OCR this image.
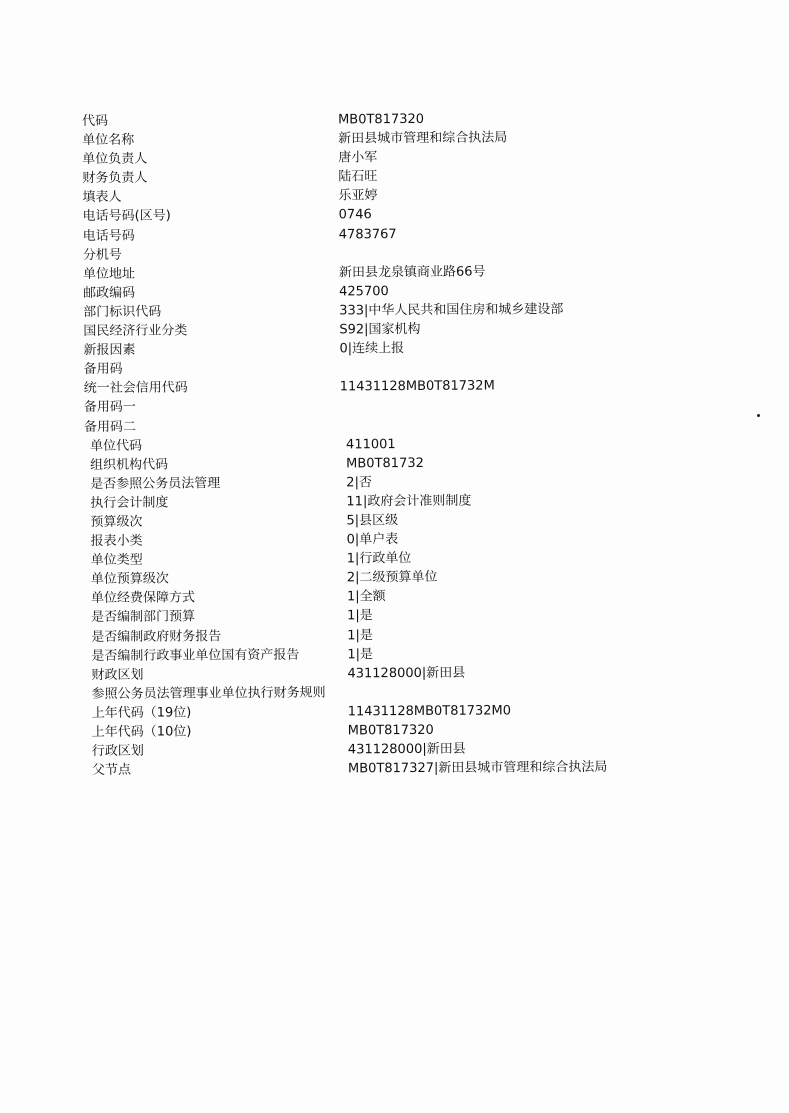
代码	MB0T817320
单位名称	新田县城市管理和综合执法局
单位负责人	唐小军
财务负责人	陆石旺
填表人	乐亚婷
电话号码(区号)	0746
电话号码	4783767
分机号
单位地址	新田县龙泉镇商业路66号
邮政编码	425700
部门标识代码	333|中华人民共和国住房和城乡建设部
国民经济行业分类	S92|国家机构
新报因素	0|连续上报
备用码
统一社会信用代码	11431128MB0T81732M
备用码一
备用码二
单位代码	411001
组织机构代码	MB0T81732
是否参照公务员法管理	2|否
执行会计制度	11|政府会计准则制度
预算级次	5|县区级
报表小类	0|单户表
单位类型	1|行政单位
单位预算级次	2|二级预算单位
单位经费保障方式	1|全额
是否编制部门预算	1|是
是否编制政府财务报告	1|是
是否编制行政事业单位国有资产报告	1|是
财政区划	431128000|新田县
参照公务员法管理事业单位执行财务规则
上年代码（19位)	11431128MB0T81732M0
上年代码（10位)	MB0T817320
行政区划	431128000|新田县
父节点	MB0T817327|新田县城市管理和综合执法局
